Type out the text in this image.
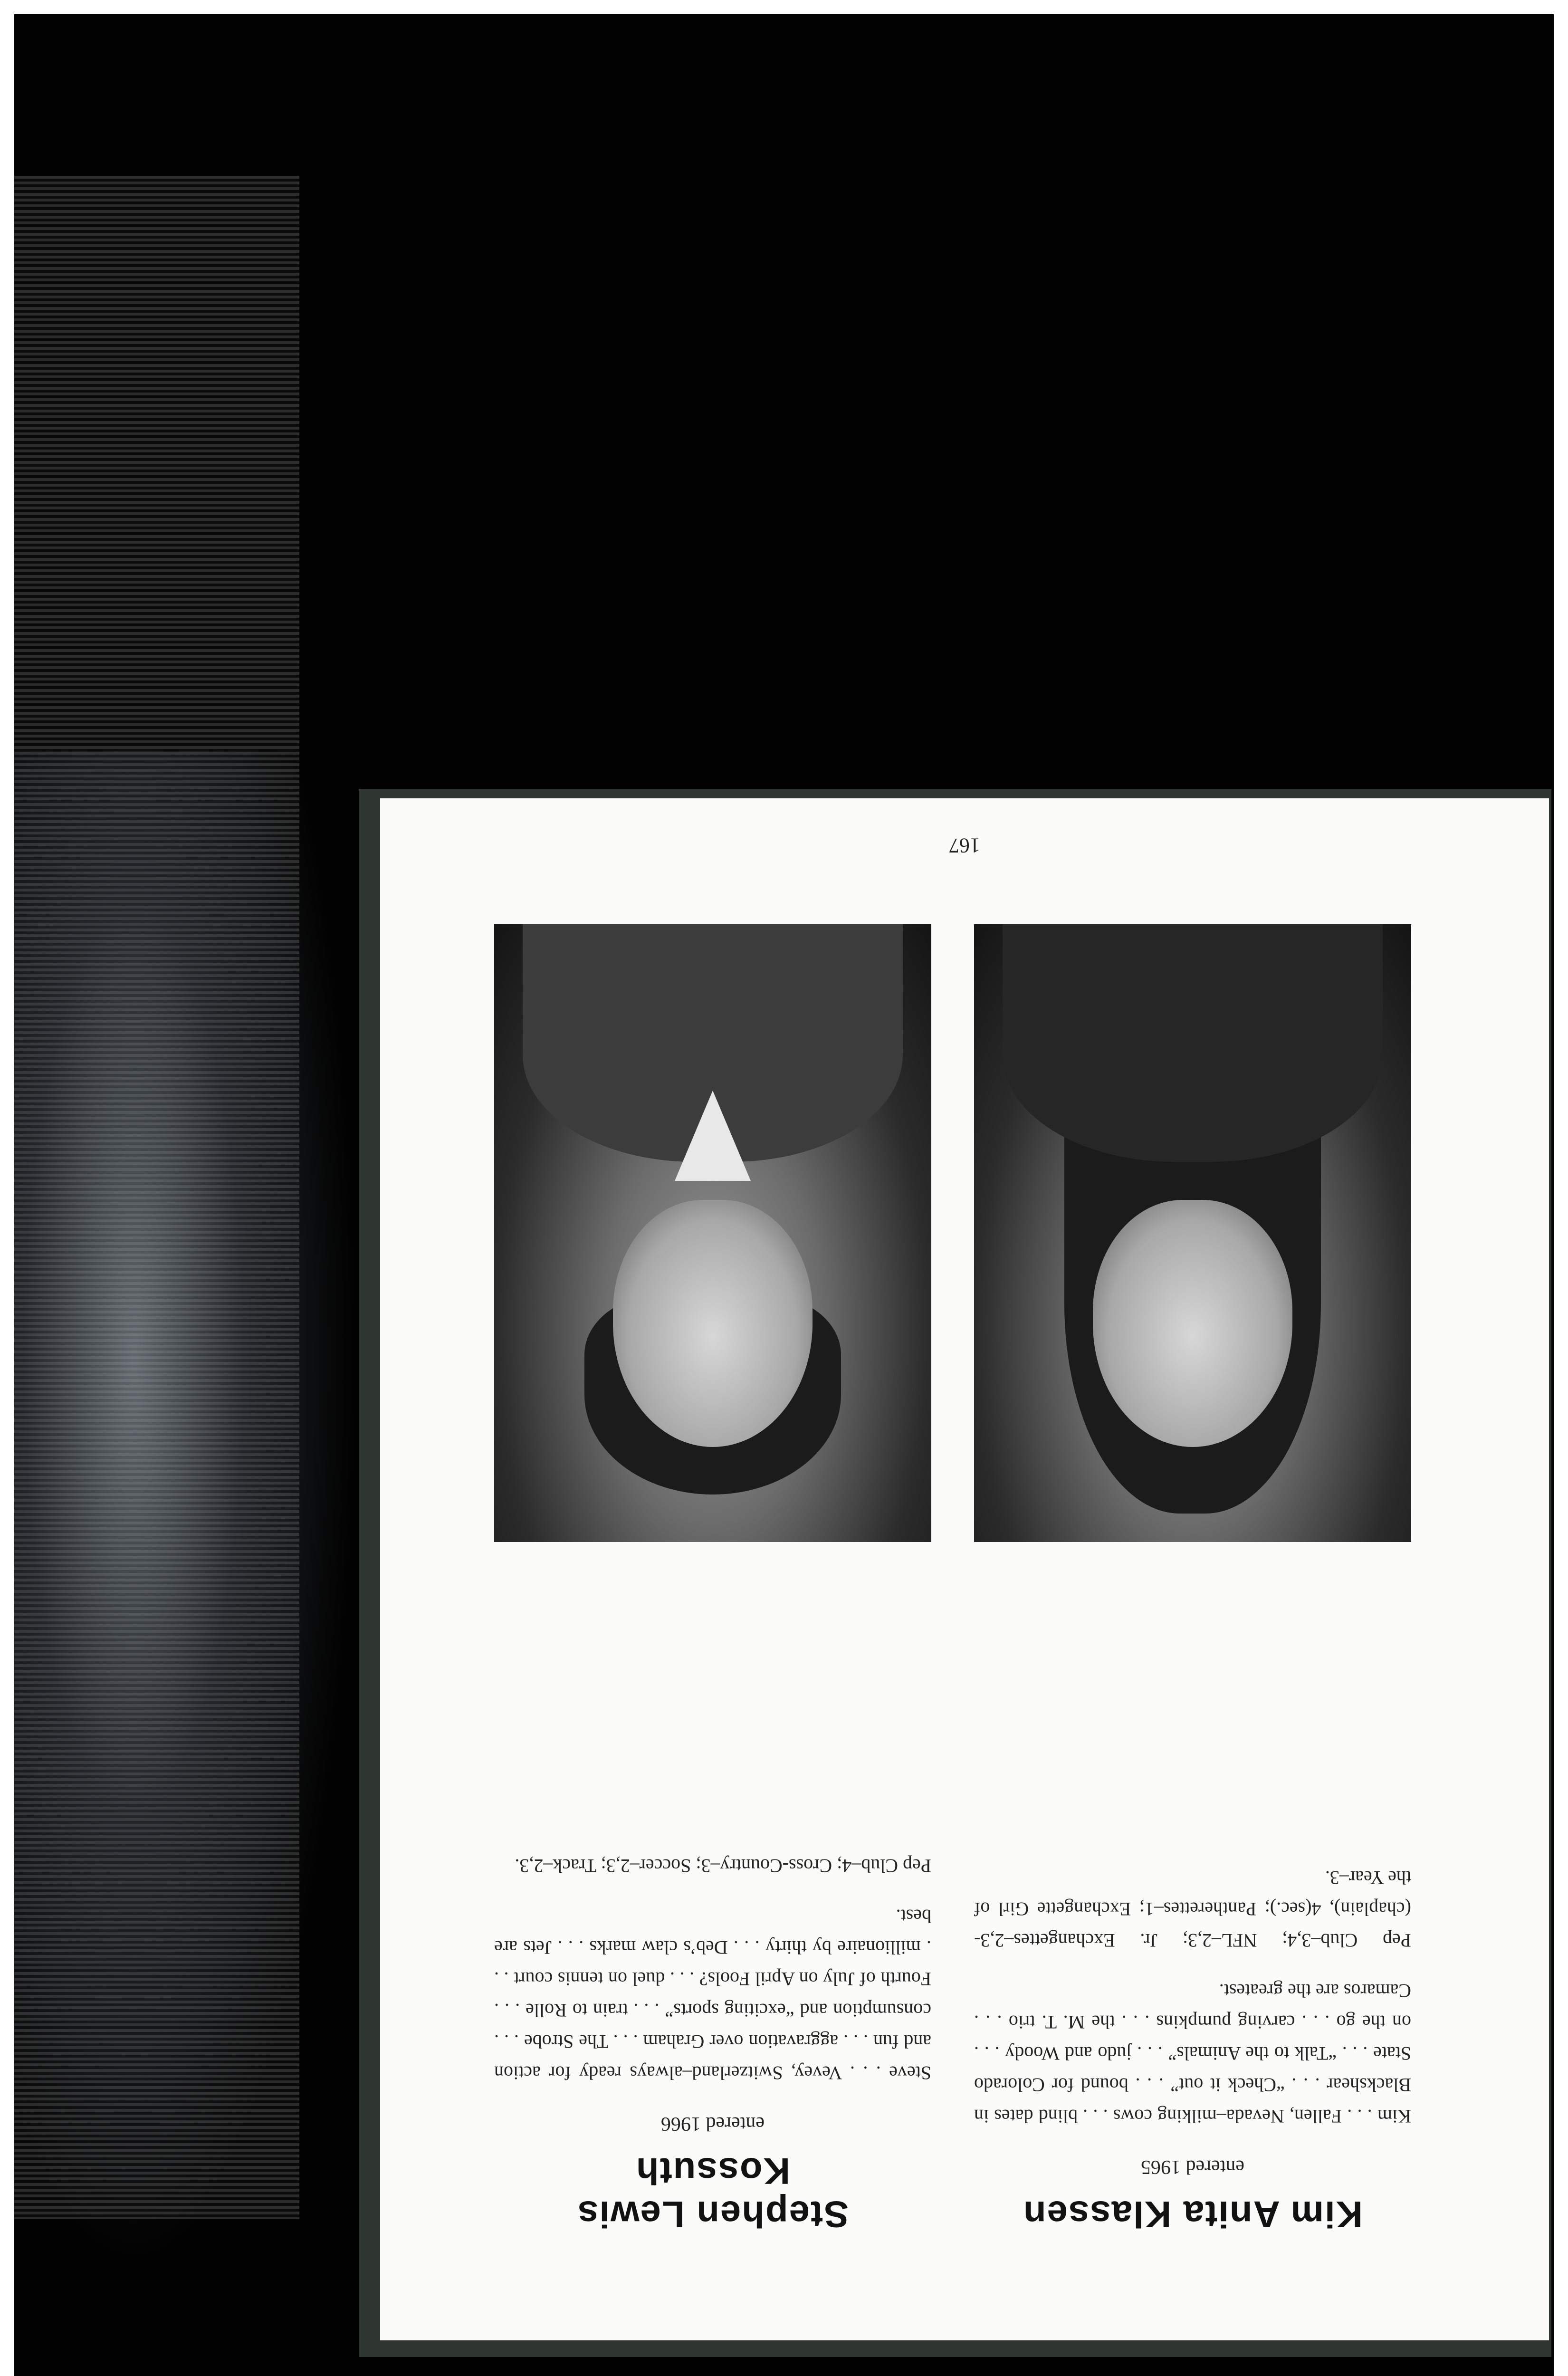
Kim Anita Klassen
entered 1965

Kim . . . Fallen, Nevada–milking cows . . . blind dates in Blackshear . . . “Check it out” . . . bound for Colorado State . . . “Talk to the Animals” . . . judo and Woody . . . on the go . . . carving pumpkins . . . the M. T. trio . . . Camaros are the greatest.

Pep Club–3,4; NFL–2,3; Jr. Exchangettes–2,3-(chaplain), 4(sec.); Pantherettes–1; Exchangette Girl of the Year–3.

Stephen Lewis Kossuth
entered 1966

Steve . . . Vevey, Switzerland–always ready for action and fun . . . aggravation over Graham . . . The Strobe . . . consumption and “exciting sports” . . . train to Rolle . . . Fourth of July on April Fools? . . . duel on tennis court . . . millionaire by thirty . . . Deb’s claw marks . . . Jets are best.

Pep Club–4; Cross-Country–3; Soccer–2,3; Track–2,3.

167
